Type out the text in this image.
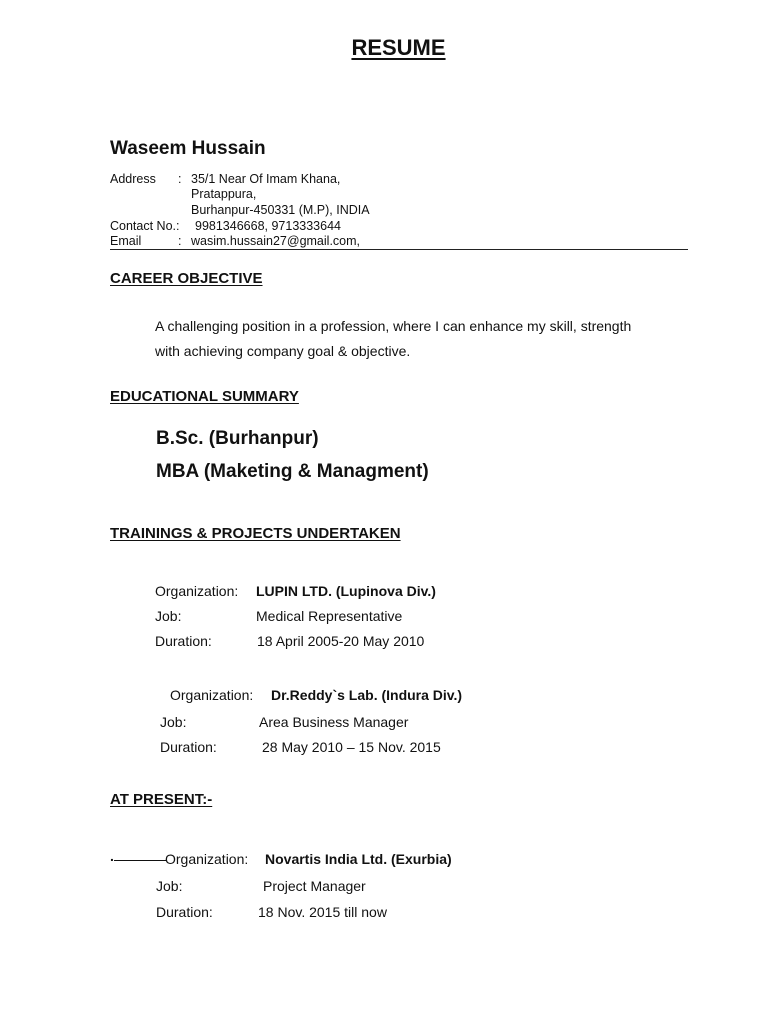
RESUME
Waseem Hussain
Address : 35/1 Near Of Imam Khana,
Pratappura,
Burhanpur-450331 (M.P), INDIA
Contact No.: 9981346668, 9713333644
Email	: wasim.hussain27@gmail.com,
CAREER OBJECTIVE
A challenging position in a profession, where I can enhance my skill, strength
with achieving company goal & objective.
EDUCATIONAL SUMMARY
B.Sc. (Burhanpur)
MBA (Maketing & Managment)
TRAININGS & PROJECTS UNDERTAKEN
Organization: LUPIN LTD. (Lupinova Div.)
Job:	Medical Representative
Duration:	18 April 2005-20 May 2010
Organization: Dr.Reddy`s Lab. (Indura Div.)
Job:	Area Business Manager
Duration:	28 May 2010 – 15 Nov. 2015
AT PRESENT:-
.	Organization: Novartis India Ltd. (Exurbia)
Job:	Project Manager
Duration:	18 Nov. 2015 till now
